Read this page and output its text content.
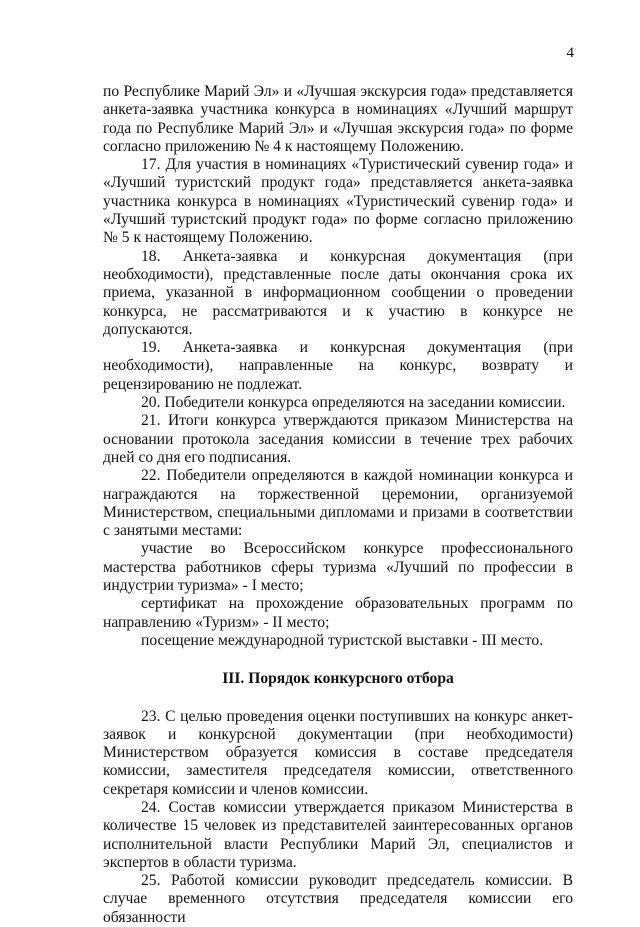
4

по Республике Марий Эл» и «Лучшая экскурсия года» представляется анкета-заявка участника конкурса в номинациях «Лучший маршрут года по Республике Марий Эл» и «Лучшая экскурсия года» по форме согласно приложению № 4 к настоящему Положению.

17. Для участия в номинациях «Туристический сувенир года» и «Лучший туристский продукт года» представляется анкета-заявка участника конкурса в номинациях «Туристический сувенир года» и «Лучший туристский продукт года» по форме согласно приложению № 5 к настоящему Положению.

18. Анкета-заявка и конкурсная документация (при необходимости), представленные после даты окончания срока их приема, указанной в информационном сообщении о проведении конкурса, не рассматриваются и к участию в конкурсе не допускаются.

19. Анкета-заявка и конкурсная документация (при необходимости), направленные на конкурс, возврату и рецензированию не подлежат.

20. Победители конкурса определяются на заседании комиссии.

21. Итоги конкурса утверждаются приказом Министерства на основании протокола заседания комиссии в течение трех рабочих дней со дня его подписания.

22. Победители определяются в каждой номинации конкурса и награждаются на торжественной церемонии, организуемой Министерством, специальными дипломами и призами в соответствии с занятыми местами:

участие во Всероссийском конкурсе профессионального мастерства работников сферы туризма «Лучший по профессии в индустрии туризма» - I место;

сертификат на прохождение образовательных программ по направлению «Туризм» - II место;

посещение международной туристской выставки - III место.

III. Порядок конкурсного отбора

23. С целью проведения оценки поступивших на конкурс анкет-заявок и конкурсной документации (при необходимости) Министерством образуется комиссия в составе председателя комиссии, заместителя председателя комиссии, ответственного секретаря комиссии и членов комиссии.

24. Состав комиссии утверждается приказом Министерства в количестве 15 человек из представителей заинтересованных органов исполнительной власти Республики Марий Эл, специалистов и экспертов в области туризма.

25. Работой комиссии руководит председатель комиссии. В случае временного отсутствия председателя комиссии его обязанности
